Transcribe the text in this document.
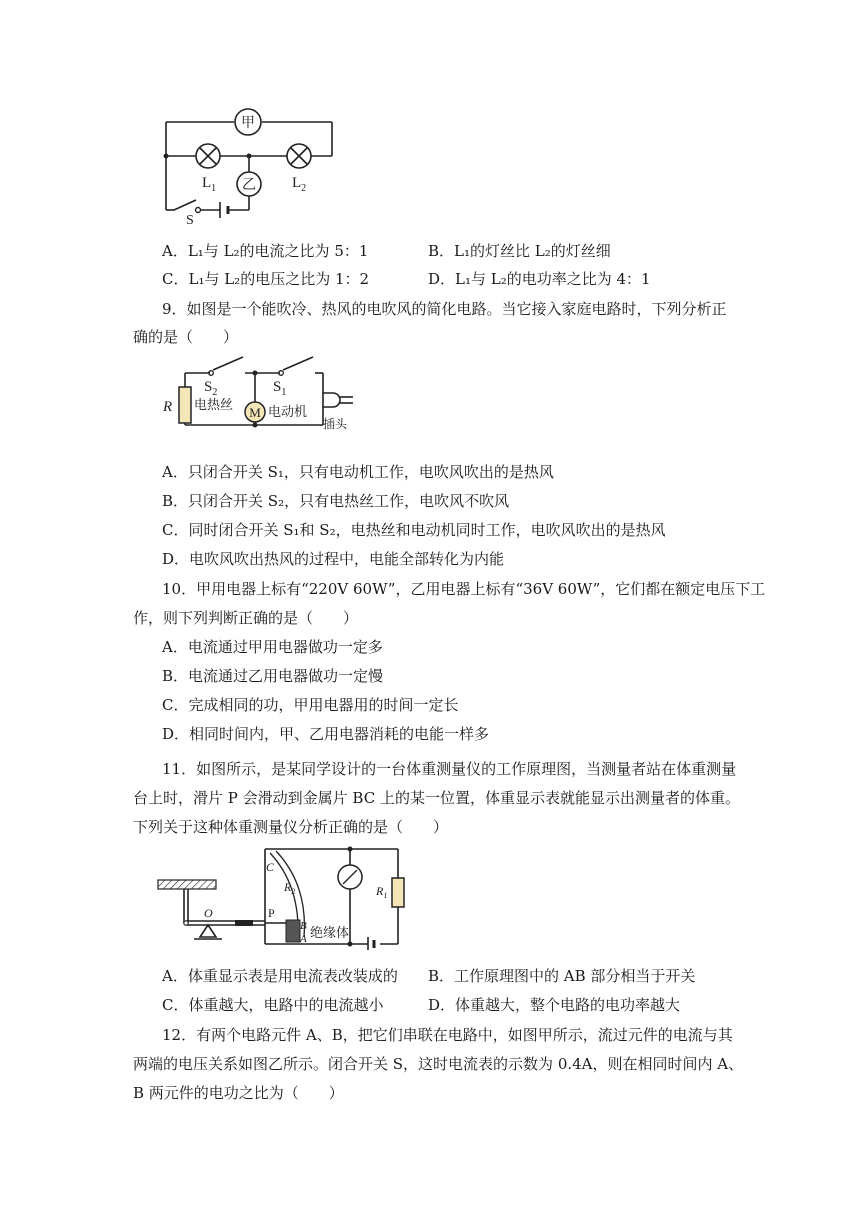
甲
乙
$L_1$	$L_2$
S
A．L₁与 L₂的电流之比为 5：1	B．L₁的灯丝比 L₂的灯丝细
C．L₁与 L₂的电压之比为 1：2	D．L₁与 L₂的电功率之比为 4：1
9．如图是一个能吹冷、热风的电吹风的简化电路。当它接入家庭电路时，下列分析正
确的是（　　）
M
$S_2$	$S_1$
R 电热丝	电动机
插头
A．只闭合开关 S₁，只有电动机工作，电吹风吹出的是热风
B．只闭合开关 S₂，只有电热丝工作，电吹风不吹风
C．同时闭合开关 S₁和 S₂，电热丝和电动机同时工作，电吹风吹出的是热风
D．电吹风吹出热风的过程中，电能全部转化为内能
10．甲用电器上标有“220V 60W”，乙用电器上标有“36V 60W”，它们都在额定电压下工
作，则下列判断正确的是（　　）
A．电流通过甲用电器做功一定多
B．电流通过乙用电器做功一定慢
C．完成相同的功，甲用电器用的时间一定长
D．相同时间内，甲、乙用电器消耗的电能一样多
11．如图所示，是某同学设计的一台体重测量仪的工作原理图，当测量者站在体重测量
台上时，滑片 P 会滑动到金属片 BC 上的某一位置，体重显示表就能显示出测量者的体重。
下列关于这种体重测量仪分析正确的是（　　）
C
$R_2$
O	P
B
A 绝缘体
$R_1$
A．体重显示表是用电流表改装成的 B．工作原理图中的 AB 部分相当于开关
C．体重越大，电路中的电流越小	D．体重越大，整个电路的电功率越大
12．有两个电路元件 A、B，把它们串联在电路中，如图甲所示，流过元件的电流与其
两端的电压关系如图乙所示。闭合开关 S，这时电流表的示数为 0.4A，则在相同时间内 A、
B 两元件的电功之比为（　　）
